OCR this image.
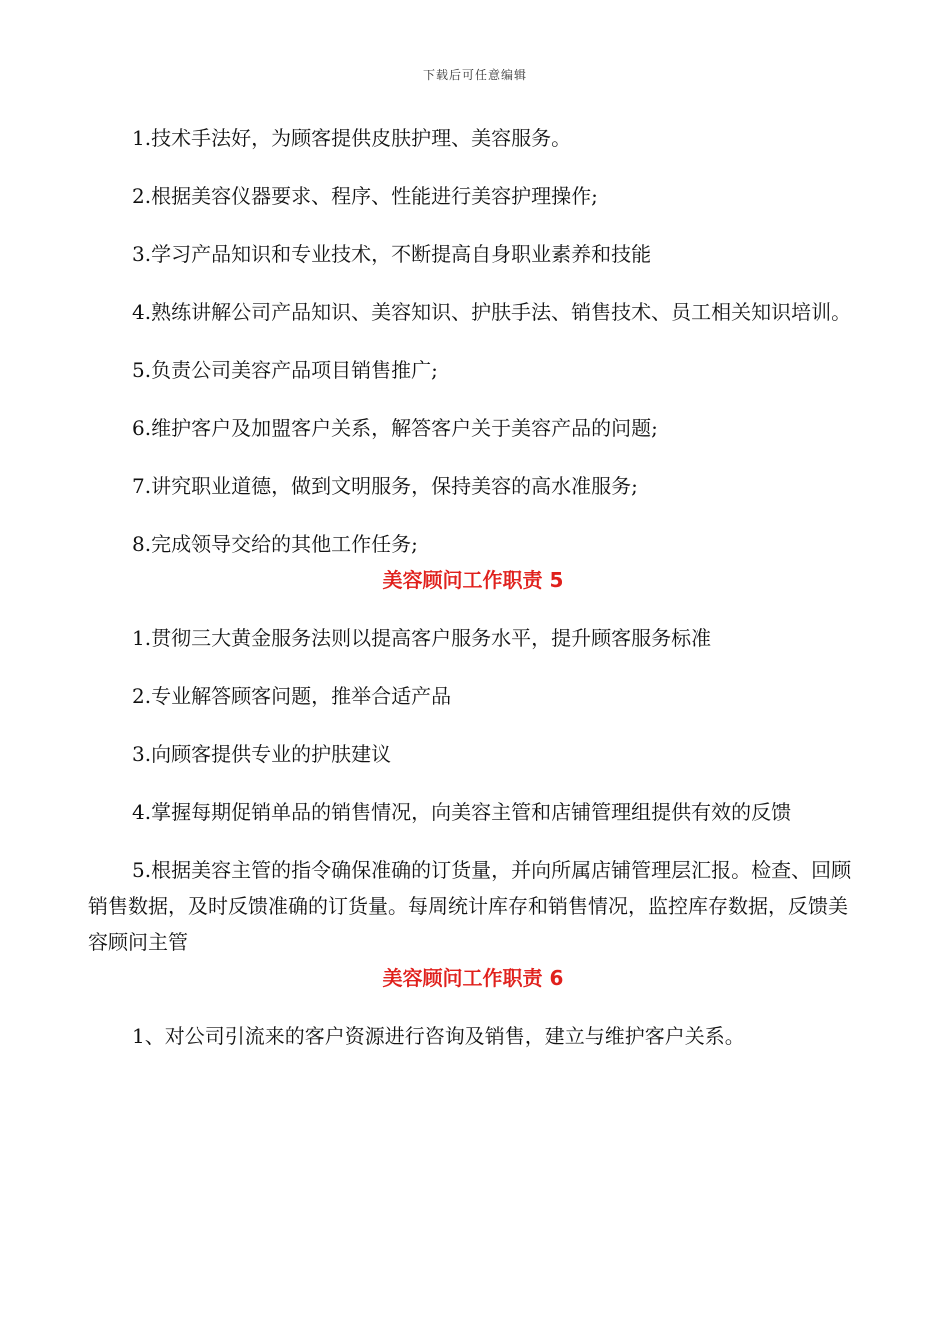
下载后可任意编辑

1.技术手法好，为顾客提供皮肤护理、美容服务。

2.根据美容仪器要求、程序、性能进行美容护理操作;

3.学习产品知识和专业技术，不断提高自身职业素养和技能

4.熟练讲解公司产品知识、美容知识、护肤手法、销售技术、员工相关知识培训。

5.负责公司美容产品项目销售推广;

6.维护客户及加盟客户关系，解答客户关于美容产品的问题;

7.讲究职业道德，做到文明服务，保持美容的高水准服务;

8.完成领导交给的其他工作任务;

美容顾问工作职责 5

1.贯彻三大黄金服务法则以提高客户服务水平，提升顾客服务标准

2.专业解答顾客问题，推举合适产品

3.向顾客提供专业的护肤建议

4.掌握每期促销单品的销售情况，向美容主管和店铺管理组提供有效的反馈

5.根据美容主管的指令确保准确的订货量，并向所属店铺管理层汇报。检查、回顾销售数据，及时反馈准确的订货量。每周统计库存和销售情况，监控库存数据，反馈美容顾问主管

美容顾问工作职责 6

1、对公司引流来的客户资源进行咨询及销售，建立与维护客户关系。
